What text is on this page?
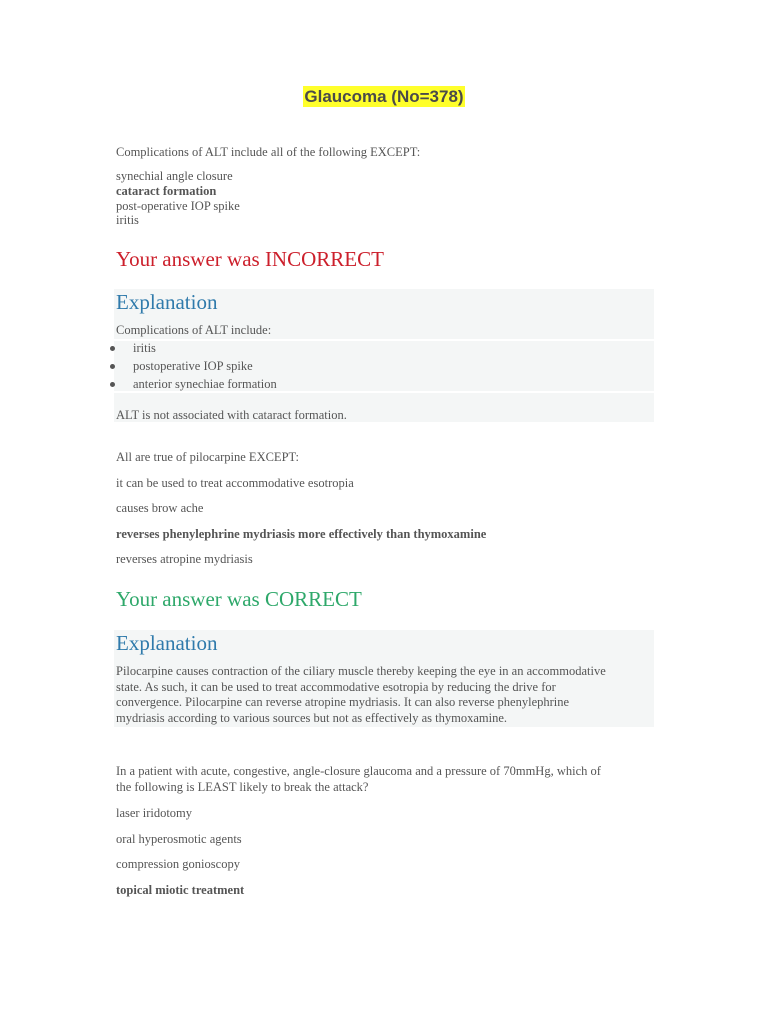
Glaucoma (No=378)
Complications of ALT include all of the following EXCEPT:
synechial angle closure
cataract formation
post-operative IOP spike
iritis
Your answer was INCORRECT
Explanation
Complications of ALT include:
iritis
postoperative IOP spike
anterior synechiae formation
ALT is not associated with cataract formation.
All are true of pilocarpine EXCEPT:
it can be used to treat accommodative esotropia
causes brow ache
reverses phenylephrine mydriasis more effectively than thymoxamine
reverses atropine mydriasis
Your answer was CORRECT
Explanation
Pilocarpine causes contraction of the ciliary muscle thereby keeping the eye in an accommodative
state. As such, it can be used to treat accommodative esotropia by reducing the drive for
convergence. Pilocarpine can reverse atropine mydriasis. It can also reverse phenylephrine
mydriasis according to various sources but not as effectively as thymoxamine.
In a patient with acute, congestive, angle-closure glaucoma and a pressure of 70mmHg, which of
the following is LEAST likely to break the attack?
laser iridotomy
oral hyperosmotic agents
compression gonioscopy
topical miotic treatment
